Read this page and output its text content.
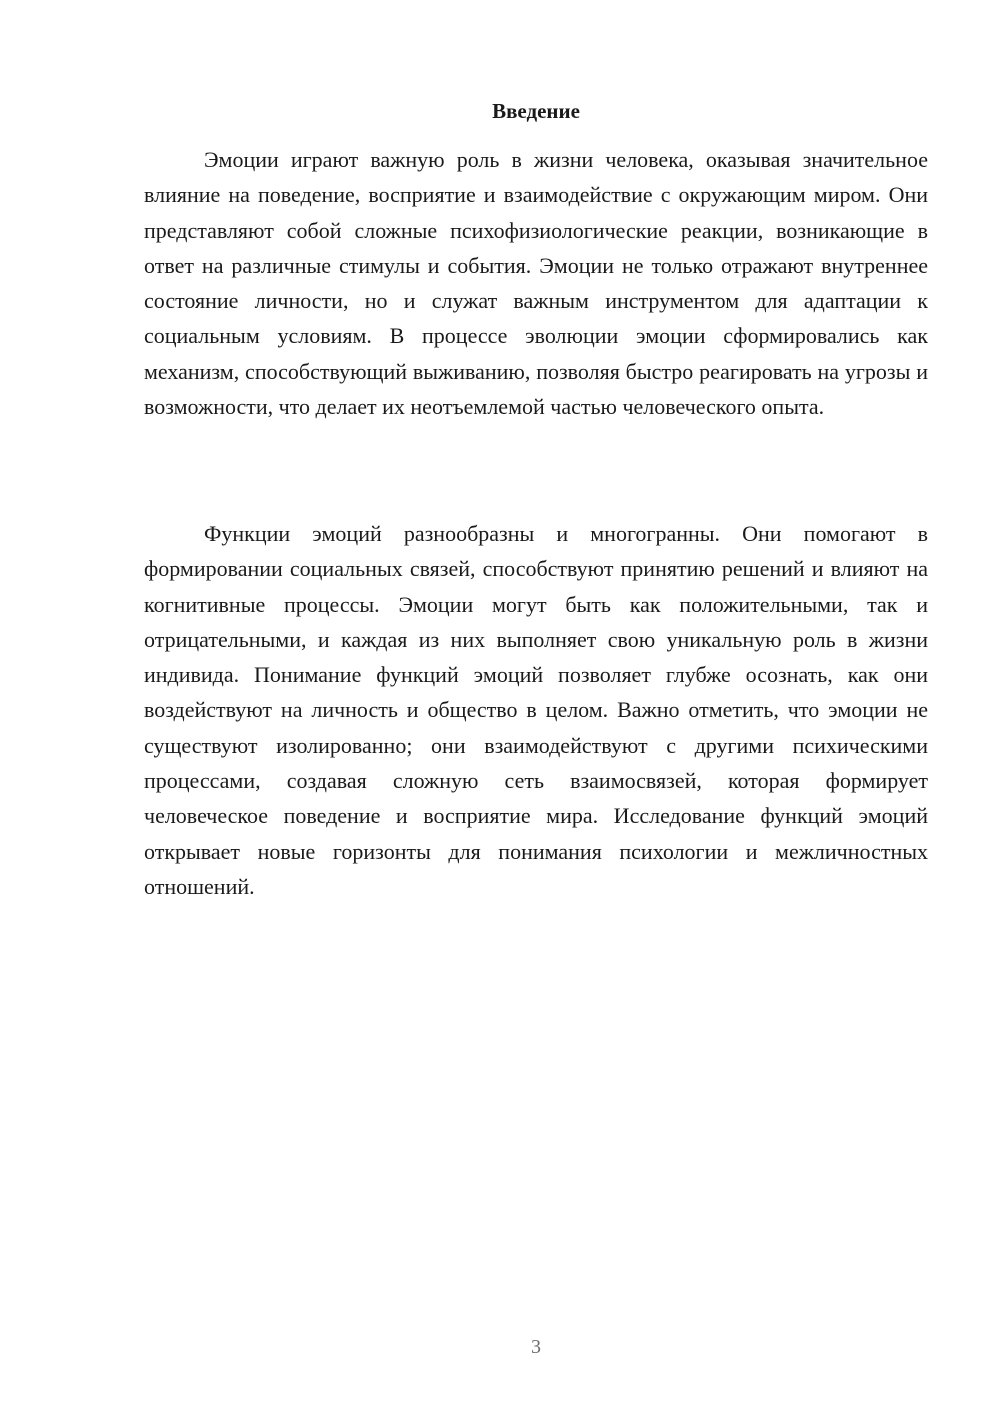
Введение

Эмоции играют важную роль в жизни человека, оказывая значительное влияние на поведение, восприятие и взаимодействие с окружающим миром. Они представляют собой сложные психофизиологические реакции, возникающие в ответ на различные стимулы и события. Эмоции не только отражают внутреннее состояние личности, но и служат важным инструментом для адаптации к социальным условиям. В процессе эволюции эмоции сформировались как механизм, способствующий выживанию, позволяя быстро реагировать на угрозы и возможности, что делает их неотъемлемой частью человеческого опыта.

Функции эмоций разнообразны и многогранны. Они помогают в формировании социальных связей, способствуют принятию решений и влияют на когнитивные процессы. Эмоции могут быть как положительными, так и отрицательными, и каждая из них выполняет свою уникальную роль в жизни индивида. Понимание функций эмоций позволяет глубже осознать, как они воздействуют на личность и общество в целом. Важно отметить, что эмоции не существуют изолированно; они взаимодействуют с другими психическими процессами, создавая сложную сеть взаимосвязей, которая формирует человеческое поведение и восприятие мира. Исследование функций эмоций открывает новые горизонты для понимания психологии и межличностных отношений.

3
